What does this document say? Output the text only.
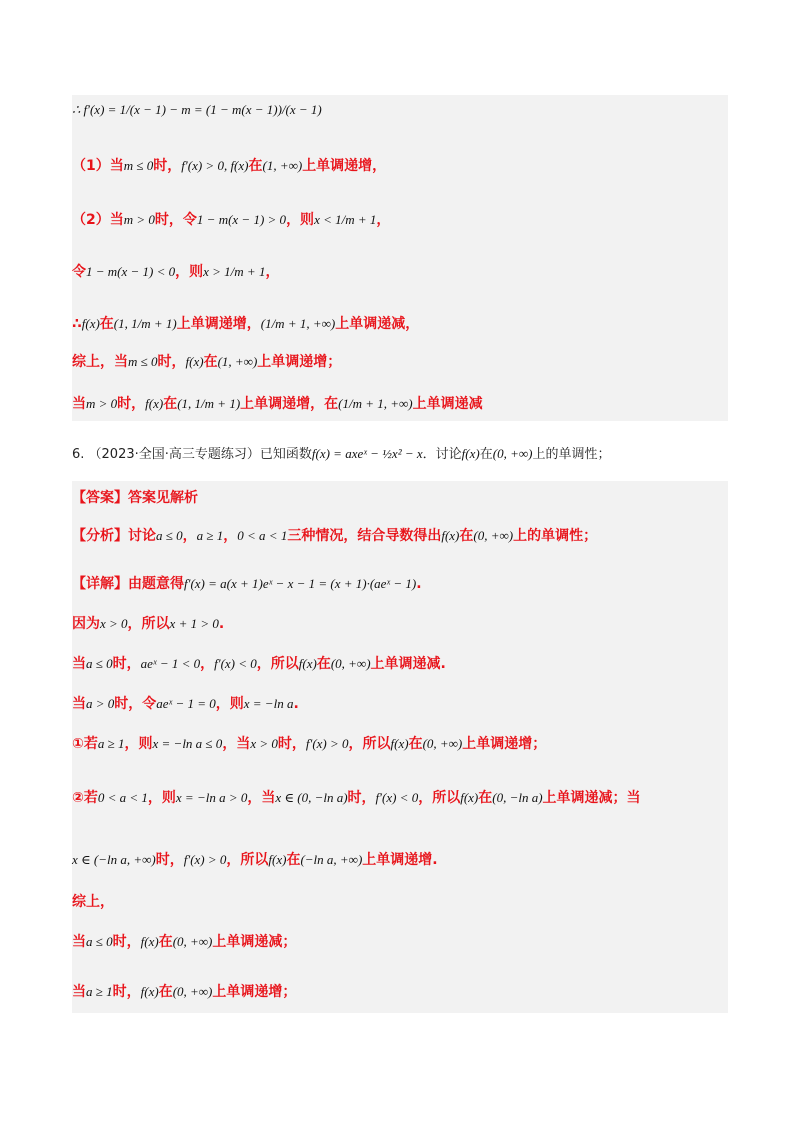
∴ f′(x) = 1/(x − 1) − m = (1 − m(x − 1))/(x − 1)
（1）当m ≤ 0时，f′(x) > 0, f(x)在(1, +∞)上单调递增，
（2）当m > 0时，令1 − m(x − 1) > 0，则x < 1/m + 1，
令1 − m(x − 1) < 0，则x > 1/m + 1，
∴f(x)在(1, 1/m + 1)上单调递增，(1/m + 1, +∞)上单调递减，
综上，当m ≤ 0时，f(x)在(1, +∞)上单调递增；
当m > 0时，f(x)在(1, 1/m + 1)上单调递增，在(1/m + 1, +∞)上单调递减
6. （2023·全国·高三专题练习）已知函数f(x) = axeˣ − ½x² − x．讨论f(x)在(0, +∞)上的单调性；
【答案】答案见解析
【分析】讨论a ≤ 0，a ≥ 1，0 < a < 1三种情况，结合导数得出f(x)在(0, +∞)上的单调性；
【详解】由题意得f′(x) = a(x + 1)eˣ − x − 1 = (x + 1)·(aeˣ − 1).
因为x > 0，所以x + 1 > 0.
当a ≤ 0时，aeˣ − 1 < 0，f′(x) < 0，所以f(x)在(0, +∞)上单调递减.
当a > 0时，令aeˣ − 1 = 0，则x = −ln a.
①若a ≥ 1，则x = −ln a ≤ 0，当x > 0时，f′(x) > 0，所以f(x)在(0, +∞)上单调递增；
②若0 < a < 1，则x = −ln a > 0，当x ∈ (0, −ln a)时，f′(x) < 0，所以f(x)在(0, −ln a)上单调递减；当
x ∈ (−ln a, +∞)时，f′(x) > 0，所以f(x)在(−ln a, +∞)上单调递增.
综上，
当a ≤ 0时，f(x)在(0, +∞)上单调递减；
当a ≥ 1时，f(x)在(0, +∞)上单调递增；
